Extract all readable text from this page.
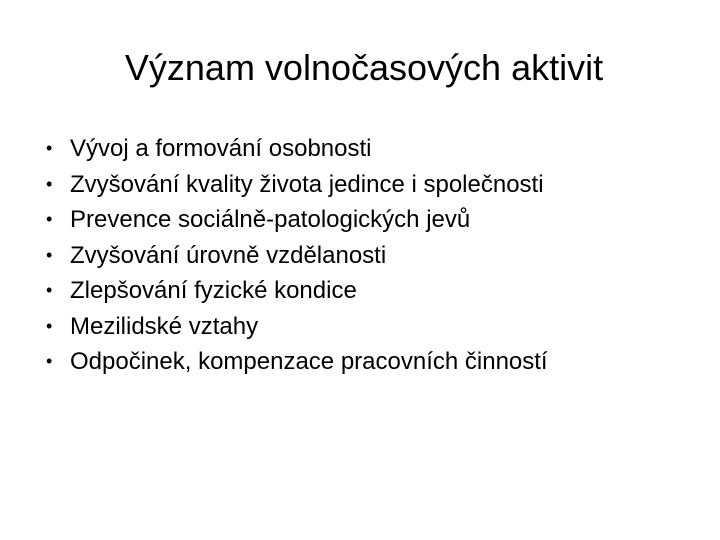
Význam volnočasových aktivit
• Vývoj a formování osobnosti
• Zvyšování kvality života jedince i společnosti
• Prevence sociálně-patologických jevů
• Zvyšování úrovně vzdělanosti
• Zlepšování fyzické kondice
• Mezilidské vztahy
• Odpočinek, kompenzace pracovních činností
